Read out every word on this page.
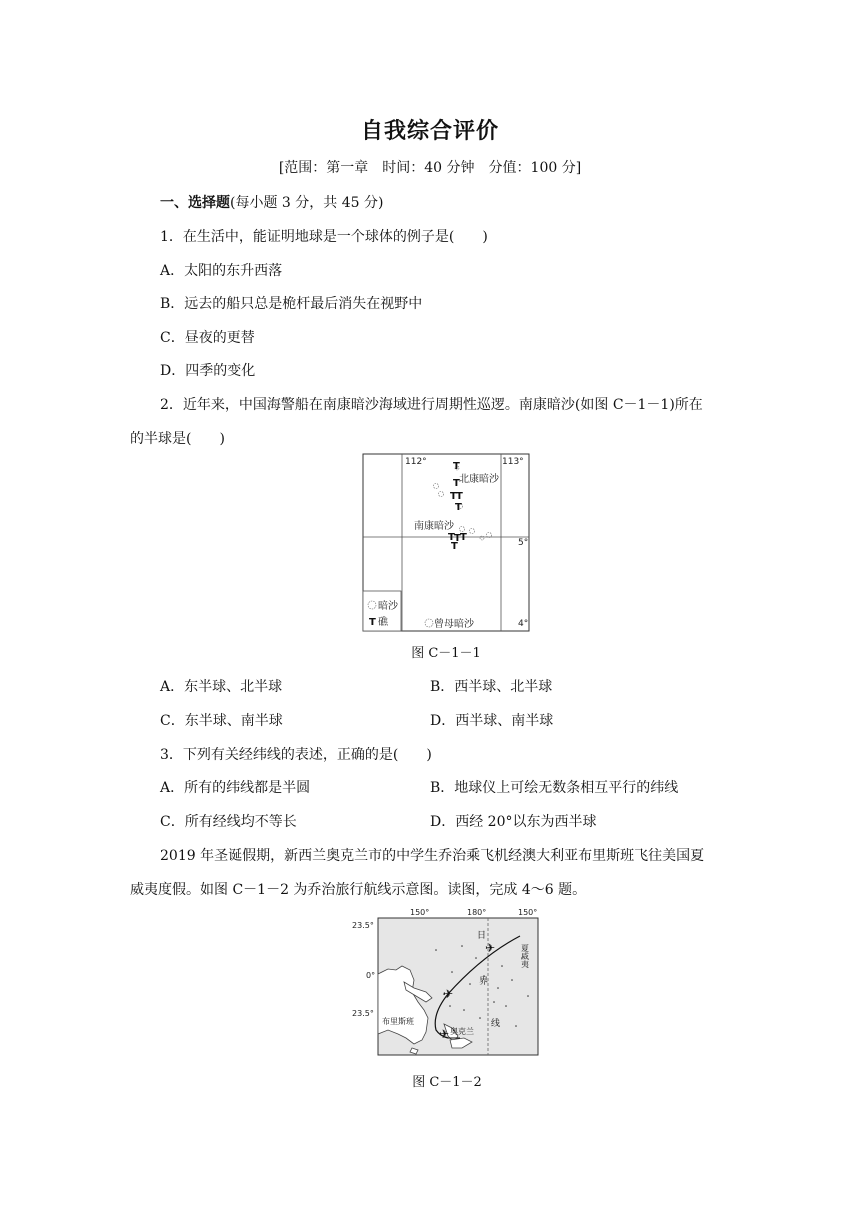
自我综合评价
[范围：第一章　时间：40 分钟　分值：100 分]
一、选择题(每小题 3 分，共 45 分)
1．在生活中，能证明地球是一个球体的例子是(　　)
A．太阳的东升西落
B．远去的船只总是桅杆最后消失在视野中
C．昼夜的更替
D．四季的变化
2．近年来，中国海警船在南康暗沙海域进行周期性巡逻。南康暗沙(如图 C－1－1)所在
的半球是(　　)
T
T
T T
T
T T T
T
T
112°	113°
5°
4°
北康暗沙
南康暗沙
曾母暗沙
暗沙
礁
图 C－1－1
A．东半球、北半球	B．西半球、北半球
C．东半球、南半球	D．西半球、南半球
3．下列有关经纬线的表述，正确的是(　　)
A．所有的纬线都是半圆	B．地球仪上可绘无数条相互平行的纬线
C．所有经线均不等长	D．西经 20°以东为西半球
2019 年圣诞假期，新西兰奥克兰市的中学生乔治乘飞机经澳大利亚布里斯班飞往美国夏
威夷度假。如图 C－1－2 为乔治旅行航线示意图。读图，完成 4～6 题。
✈
✈
✈
23.5°
0°
23.5°
150°	180°	150°
日
界
线
夏威夷
布里斯班
奥克兰
图 C－1－2
